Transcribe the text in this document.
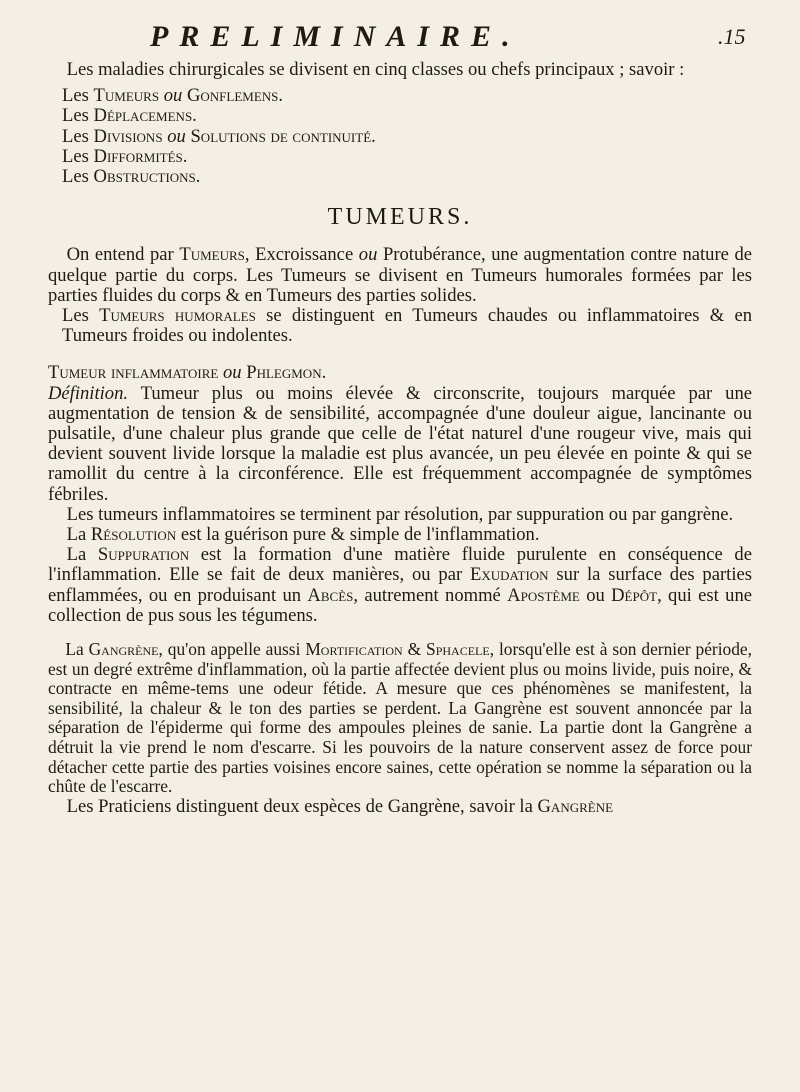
PRELIMINAIRE.	.15

Les maladies chirurgicales se divisent en cinq classes ou chefs principaux ; savoir :

Les Tumeurs ou Gonflemens.

Les Déplacemens.

Les Divisions ou Solutions de continuité.

Les Difformités.

Les Obstructions.

TUMEURS.

On entend par Tumeurs, Excroissance ou Protubérance, une augmentation contre nature de quelque partie du corps. Les Tumeurs se divisent en Tumeurs humorales formées par les parties fluides du corps & en Tumeurs des parties solides.

Les Tumeurs humorales se distinguent en Tumeurs chaudes ou inflammatoires & en Tumeurs froides ou indolentes.

Tumeur inflammatoire ou Phlegmon.

Définition. Tumeur plus ou moins élevée & circonscrite, toujours marquée par une augmentation de tension & de sensibilité, accompagnée d'une douleur aigue, lancinante ou pulsatile, d'une chaleur plus grande que celle de l'état naturel d'une rougeur vive, mais qui devient souvent livide lorsque la maladie est plus avancée, un peu élevée en pointe & qui se ramollit du centre à la circonférence. Elle est fréquemment accompagnée de symptômes fébriles.

Les tumeurs inflammatoires se terminent par résolution, par suppuration ou par gangrène.

La Résolution est la guérison pure & simple de l'inflammation.

La Suppuration est la formation d'une matière fluide purulente en conséquence de l'inflammation. Elle se fait de deux manières, ou par Exudation sur la surface des parties enflammées, ou en produisant un Abcès, autrement nommé Apostème ou Dépôt, qui est une collection de pus sous les tégumens.

La Gangrène, qu'on appelle aussi Mortification & Sphacele, lorsqu'elle est à son dernier période, est un degré extrême d'inflammation, où la partie affectée devient plus ou moins livide, puis noire, & contracte en même-tems une odeur fétide. A mesure que ces phénomènes se manifestent, la sensibilité, la chaleur & le ton des parties se perdent. La Gangrène est souvent annoncée par la séparation de l'épiderme qui forme des ampoules pleines de sanie. La partie dont la Gangrène a détruit la vie prend le nom d'escarre. Si les pouvoirs de la nature conservent assez de force pour détacher cette partie des parties voisines encore saines, cette opération se nomme la séparation ou la chûte de l'escarre.

Les Praticiens distinguent deux espèces de Gangrène, savoir la Gangrène
